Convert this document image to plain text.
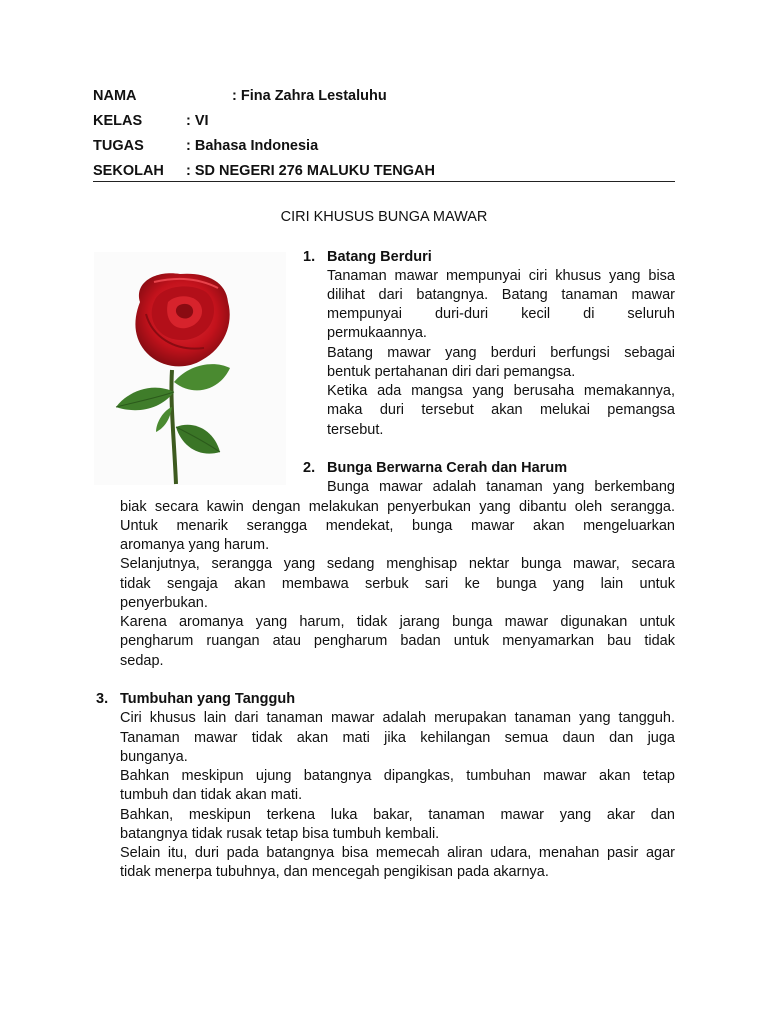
NAMA	: Fina Zahra Lestaluhu
KELAS	: VI
TUGAS	: Bahasa Indonesia
SEKOLAH : SD NEGERI 276 MALUKU TENGAH
CIRI KHUSUS BUNGA MAWAR
1. Batang Berduri
Tanaman mawar mempunyai ciri khusus yang bisa
dilihat dari batangnya. Batang tanaman mawar
mempunyai duri-duri kecil di seluruh
permukaannya.
Batang mawar yang berduri berfungsi sebagai
bentuk pertahanan diri dari pemangsa.
Ketika ada mangsa yang berusaha memakannya,
maka duri tersebut akan melukai pemangsa
tersebut.
2. Bunga Berwarna Cerah dan Harum
Bunga mawar adalah tanaman yang berkembang
biak secara kawin dengan melakukan penyerbukan yang dibantu oleh serangga.
Untuk menarik serangga mendekat, bunga mawar akan mengeluarkan
aromanya yang harum.
Selanjutnya, serangga yang sedang menghisap nektar bunga mawar, secara
tidak sengaja akan membawa serbuk sari ke bunga yang lain untuk
penyerbukan.
Karena aromanya yang harum, tidak jarang bunga mawar digunakan untuk
pengharum ruangan atau pengharum badan untuk menyamarkan bau tidak
sedap.
3. Tumbuhan yang Tangguh
Ciri khusus lain dari tanaman mawar adalah merupakan tanaman yang tangguh.
Tanaman mawar tidak akan mati jika kehilangan semua daun dan juga
bunganya.
Bahkan meskipun ujung batangnya dipangkas, tumbuhan mawar akan tetap
tumbuh dan tidak akan mati.
Bahkan, meskipun terkena luka bakar, tanaman mawar yang akar dan
batangnya tidak rusak tetap bisa tumbuh kembali.
Selain itu, duri pada batangnya bisa memecah aliran udara, menahan pasir agar
tidak menerpa tubuhnya, dan mencegah pengikisan pada akarnya.
